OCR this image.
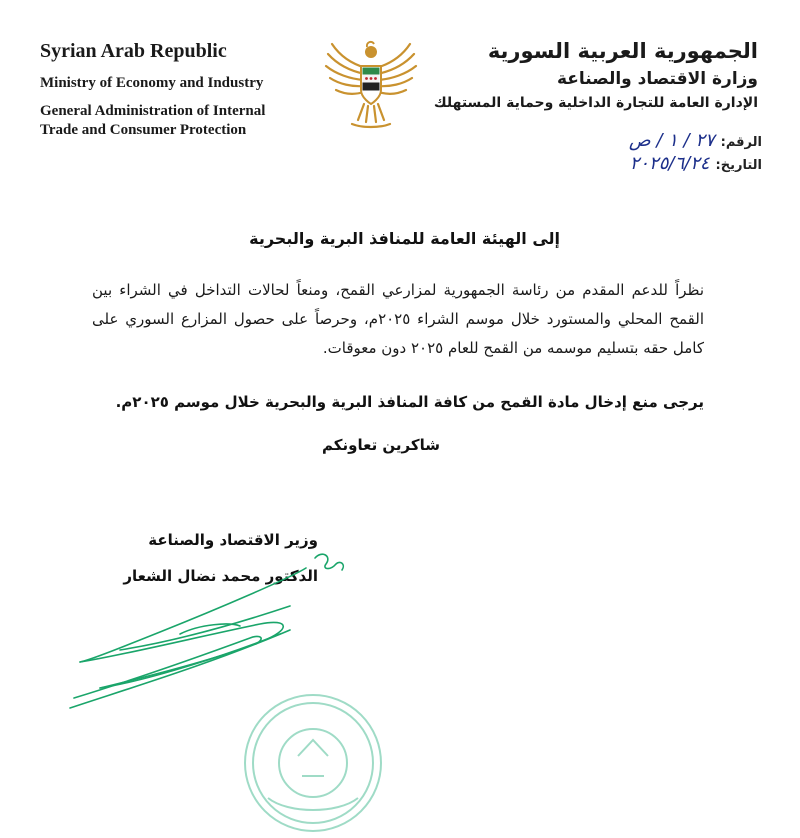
Syrian Arab Republic
Ministry of Economy and Industry
General Administration of Internal
Trade and Consumer Protection
الجمهورية العربية السورية
وزارة الاقتصاد والصناعة
الإدارة العامة للتجارة الداخلية وحماية المستهلك
الرقم:٢٧ / ١ / ص
التاريخ:٢٠٢٥/٦/٢٤
إلى الهيئة العامة للمنافذ البرية والبحرية
نظراً للدعم المقدم من رئاسة الجمهورية لمزارعي القمح، ومنعاً لحالات التداخل في الشراء بين القمح المحلي والمستورد خلال موسم الشراء ٢٠٢٥م، وحرصاً على حصول المزارع السوري على كامل حقه بتسليم موسمه من القمح للعام ٢٠٢٥ دون معوقات.
يرجى منع إدخال مادة القمح من كافة المنافذ البرية والبحرية خلال موسم ٢٠٢٥م.
شاكرين تعاونكم
وزير الاقتصاد والصناعة
الدكتور محمد نضال الشعار
